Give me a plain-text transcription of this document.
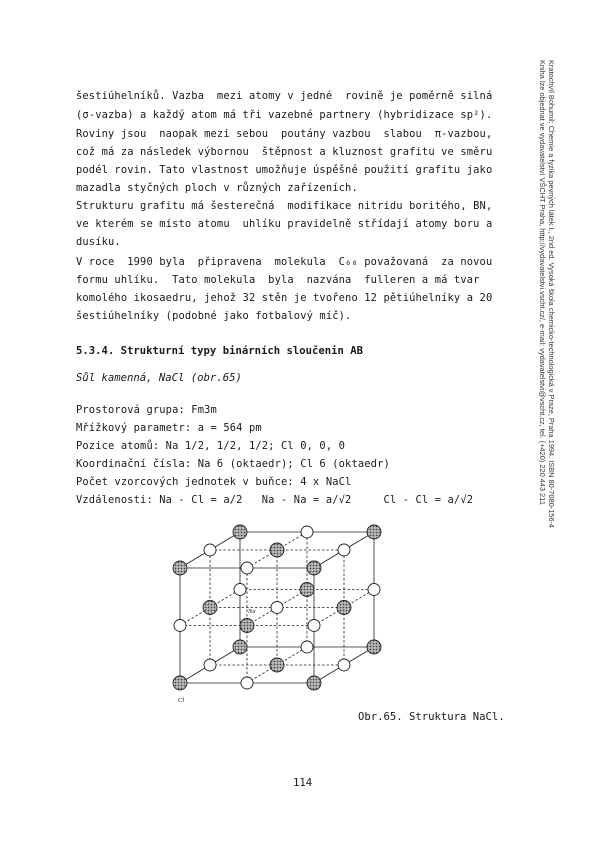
Kratochvíl Bohumil: Chemie a fyzika pevných látek I., 2nd ed. Vysoká škola chemicko-technologická v Praze, Praha 1994. ISBN 80-7080-156-4
Kniha lze objednat ve vydavatelství VŠCHT Praha, http://vydavatelstvi.vscht.cz/, e-mail: vydavatelstvi@vscht.cz, tel. (+420) 220 443 211
šestiúhelníků. Vazba  mezi atomy v jedné  rovině je poměrně silná
(σ-vazba) a každý atom má tři vazebné partnery (hybridizace sp²).
Roviny jsou  naopak mezi sebou  poutány vazbou  slabou  π-vazbou,
což má za následek výbornou  štěpnost a kluznost grafitu ve směru
podél rovin. Tato vlastnost umožňuje úspěšné použití grafitu jako
mazadla styčných ploch v různých zařízeních.
Strukturu grafitu má šesterečná  modifikace nitridu boritého, BN,
ve kterém se místo atomu  uhlíku pravidelně střídají atomy boru a
dusíku.
V roce  1990 byla  připravena  molekula  C₆₀ považovaná  za novou
formu uhlíku.  Tato molekula  byla  nazvána  fulleren a má tvar
komolého ikosaedru, jehož 32 stěn je tvořeno 12 pětiúhelníky a 20
šestiúhelníky (podobné jako fotbalový míč).
5.3.4. Strukturní typy binárních sloučenin AB
Sůl kamenná, NaCl (obr.65)
Prostorová grupa: Fm3m
Mřížkový parametr: a = 564 pm
Pozice atomů: Na 1/2, 1/2, 1/2; Cl 0, 0, 0
Koordinační čísla: Na 6 (oktaedr); Cl 6 (oktaedr)
Počet vzorcových jednotek v buňce: 4 x NaCl
Vzdálenosti: Na - Cl = a/2   Na - Na = a/√2     Cl - Cl = a/√2
Na
Cl
Obr.65. Struktura NaCl.
114
